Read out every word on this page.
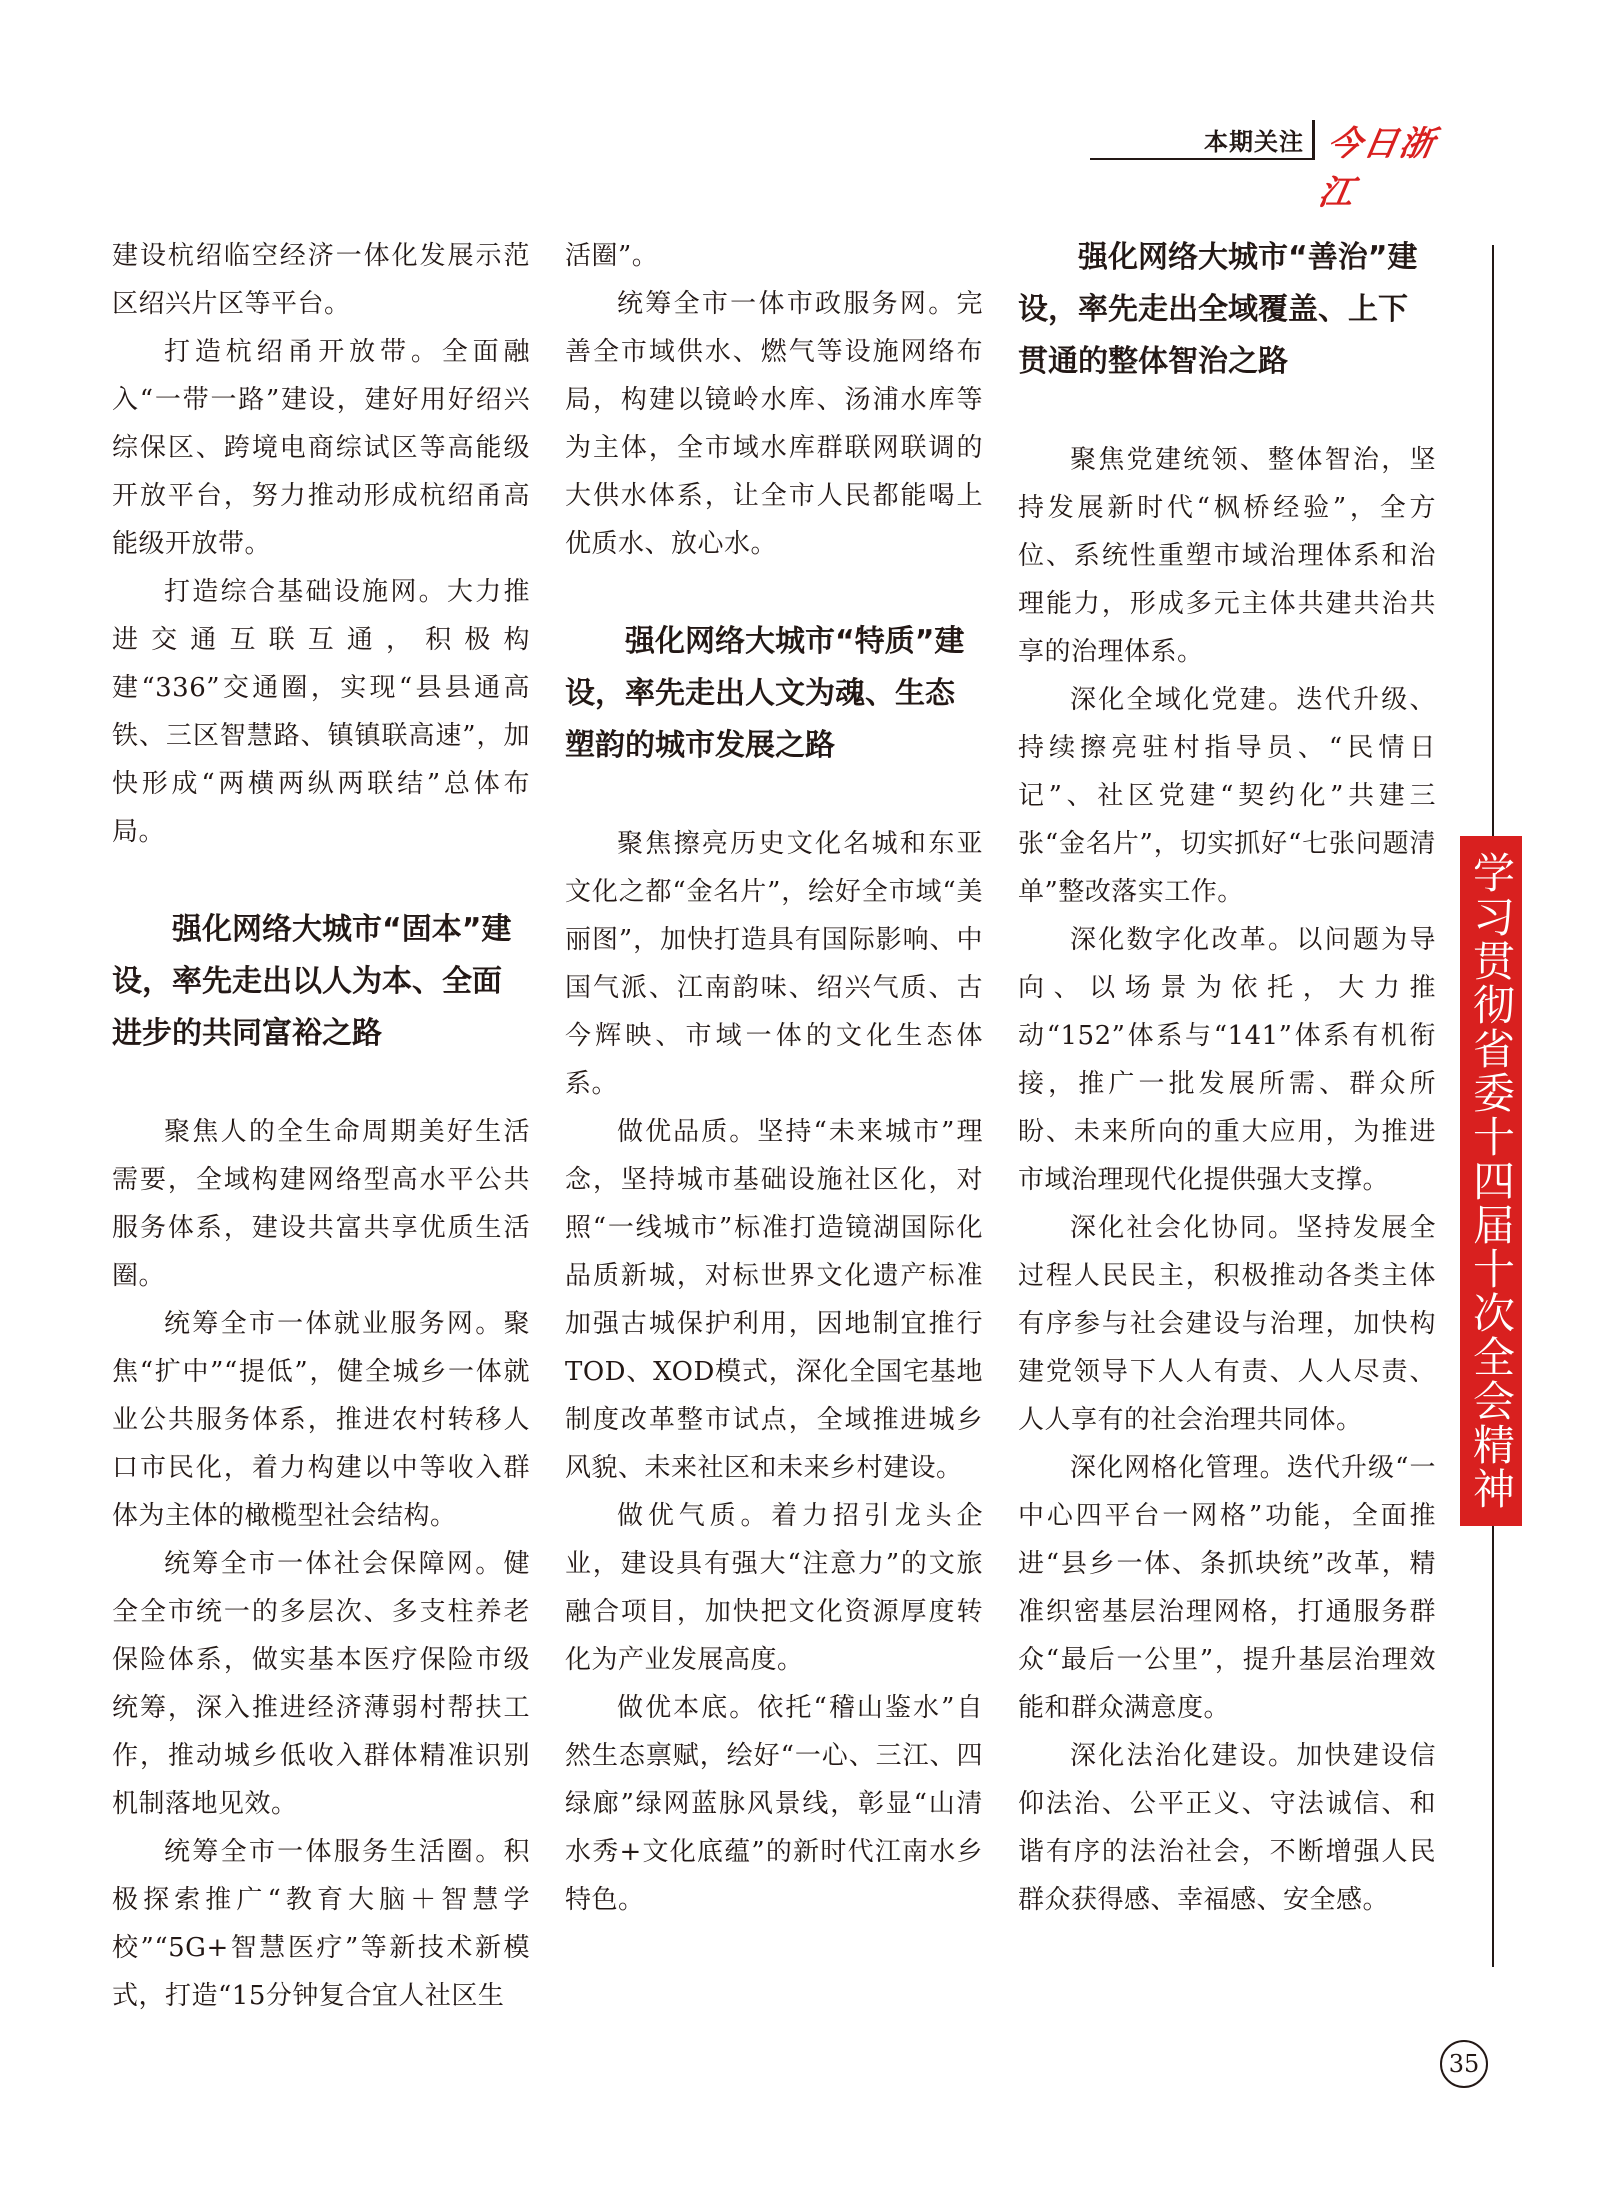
本期关注 今日浙江

建设杭绍临空经济一体化发展示范区绍兴片区等平台。

打造杭绍甬开放带。全面融入“一带一路”建设，建好用好绍兴综保区、跨境电商综试区等高能级开放平台，努力推动形成杭绍甬高能级开放带。

打造综合基础设施网。大力推进交通互联互通，积极构建“336”交通圈，实现“县县通高铁、三区智慧路、镇镇联高速”，加快形成“两横两纵两联结”总体布局。

强化网络大城市“固本”建设，率先走出以人为本、全面进步的共同富裕之路

聚焦人的全生命周期美好生活需要，全域构建网络型高水平公共服务体系，建设共富共享优质生活圈。

统筹全市一体就业服务网。聚焦“扩中”“提低”，健全城乡一体就业公共服务体系，推进农村转移人口市民化，着力构建以中等收入群体为主体的橄榄型社会结构。

统筹全市一体社会保障网。健全全市统一的多层次、多支柱养老保险体系，做实基本医疗保险市级统筹，深入推进经济薄弱村帮扶工作，推动城乡低收入群体精准识别机制落地见效。

统筹全市一体服务生活圈。积极探索推广“教育大脑＋智慧学校”“5G+智慧医疗”等新技术新模式，打造“15分钟复合宜人社区生

活圈”。

统筹全市一体市政服务网。完善全市域供水、燃气等设施网络布局，构建以镜岭水库、汤浦水库等为主体，全市域水库群联网联调的大供水体系，让全市人民都能喝上优质水、放心水。

强化网络大城市“特质”建设，率先走出人文为魂、生态塑韵的城市发展之路

聚焦擦亮历史文化名城和东亚文化之都“金名片”，绘好全市域“美丽图”，加快打造具有国际影响、中国气派、江南韵味、绍兴气质、古今辉映、市域一体的文化生态体系。

做优品质。坚持“未来城市”理念，坚持城市基础设施社区化，对照“一线城市”标准打造镜湖国际化品质新城，对标世界文化遗产标准加强古城保护利用，因地制宜推行TOD、XOD模式，深化全国宅基地制度改革整市试点，全域推进城乡风貌、未来社区和未来乡村建设。

做优气质。着力招引龙头企业，建设具有强大“注意力”的文旅融合项目，加快把文化资源厚度转化为产业发展高度。

做优本底。依托“稽山鉴水”自然生态禀赋，绘好“一心、三江、四绿廊”绿网蓝脉风景线，彰显“山清水秀+文化底蕴”的新时代江南水乡特色。

强化网络大城市“善治”建设，率先走出全域覆盖、上下贯通的整体智治之路

聚焦党建统领、整体智治，坚持发展新时代“枫桥经验”，全方位、系统性重塑市域治理体系和治理能力，形成多元主体共建共治共享的治理体系。

深化全域化党建。迭代升级、持续擦亮驻村指导员、“民情日记”、社区党建“契约化”共建三张“金名片”，切实抓好“七张问题清单”整改落实工作。

深化数字化改革。以问题为导向、以场景为依托，大力推动“152”体系与“141”体系有机衔接，推广一批发展所需、群众所盼、未来所向的重大应用，为推进市域治理现代化提供强大支撑。

深化社会化协同。坚持发展全过程人民民主，积极推动各类主体有序参与社会建设与治理，加快构建党领导下人人有责、人人尽责、人人享有的社会治理共同体。

深化网格化管理。迭代升级“一中心四平台一网格”功能，全面推进“县乡一体、条抓块统”改革，精准织密基层治理网格，打通服务群众“最后一公里”，提升基层治理效能和群众满意度。

深化法治化建设。加快建设信仰法治、公平正义、守法诚信、和谐有序的法治社会，不断增强人民群众获得感、幸福感、安全感。

学习贯彻省委十四届十次全会精神
35
